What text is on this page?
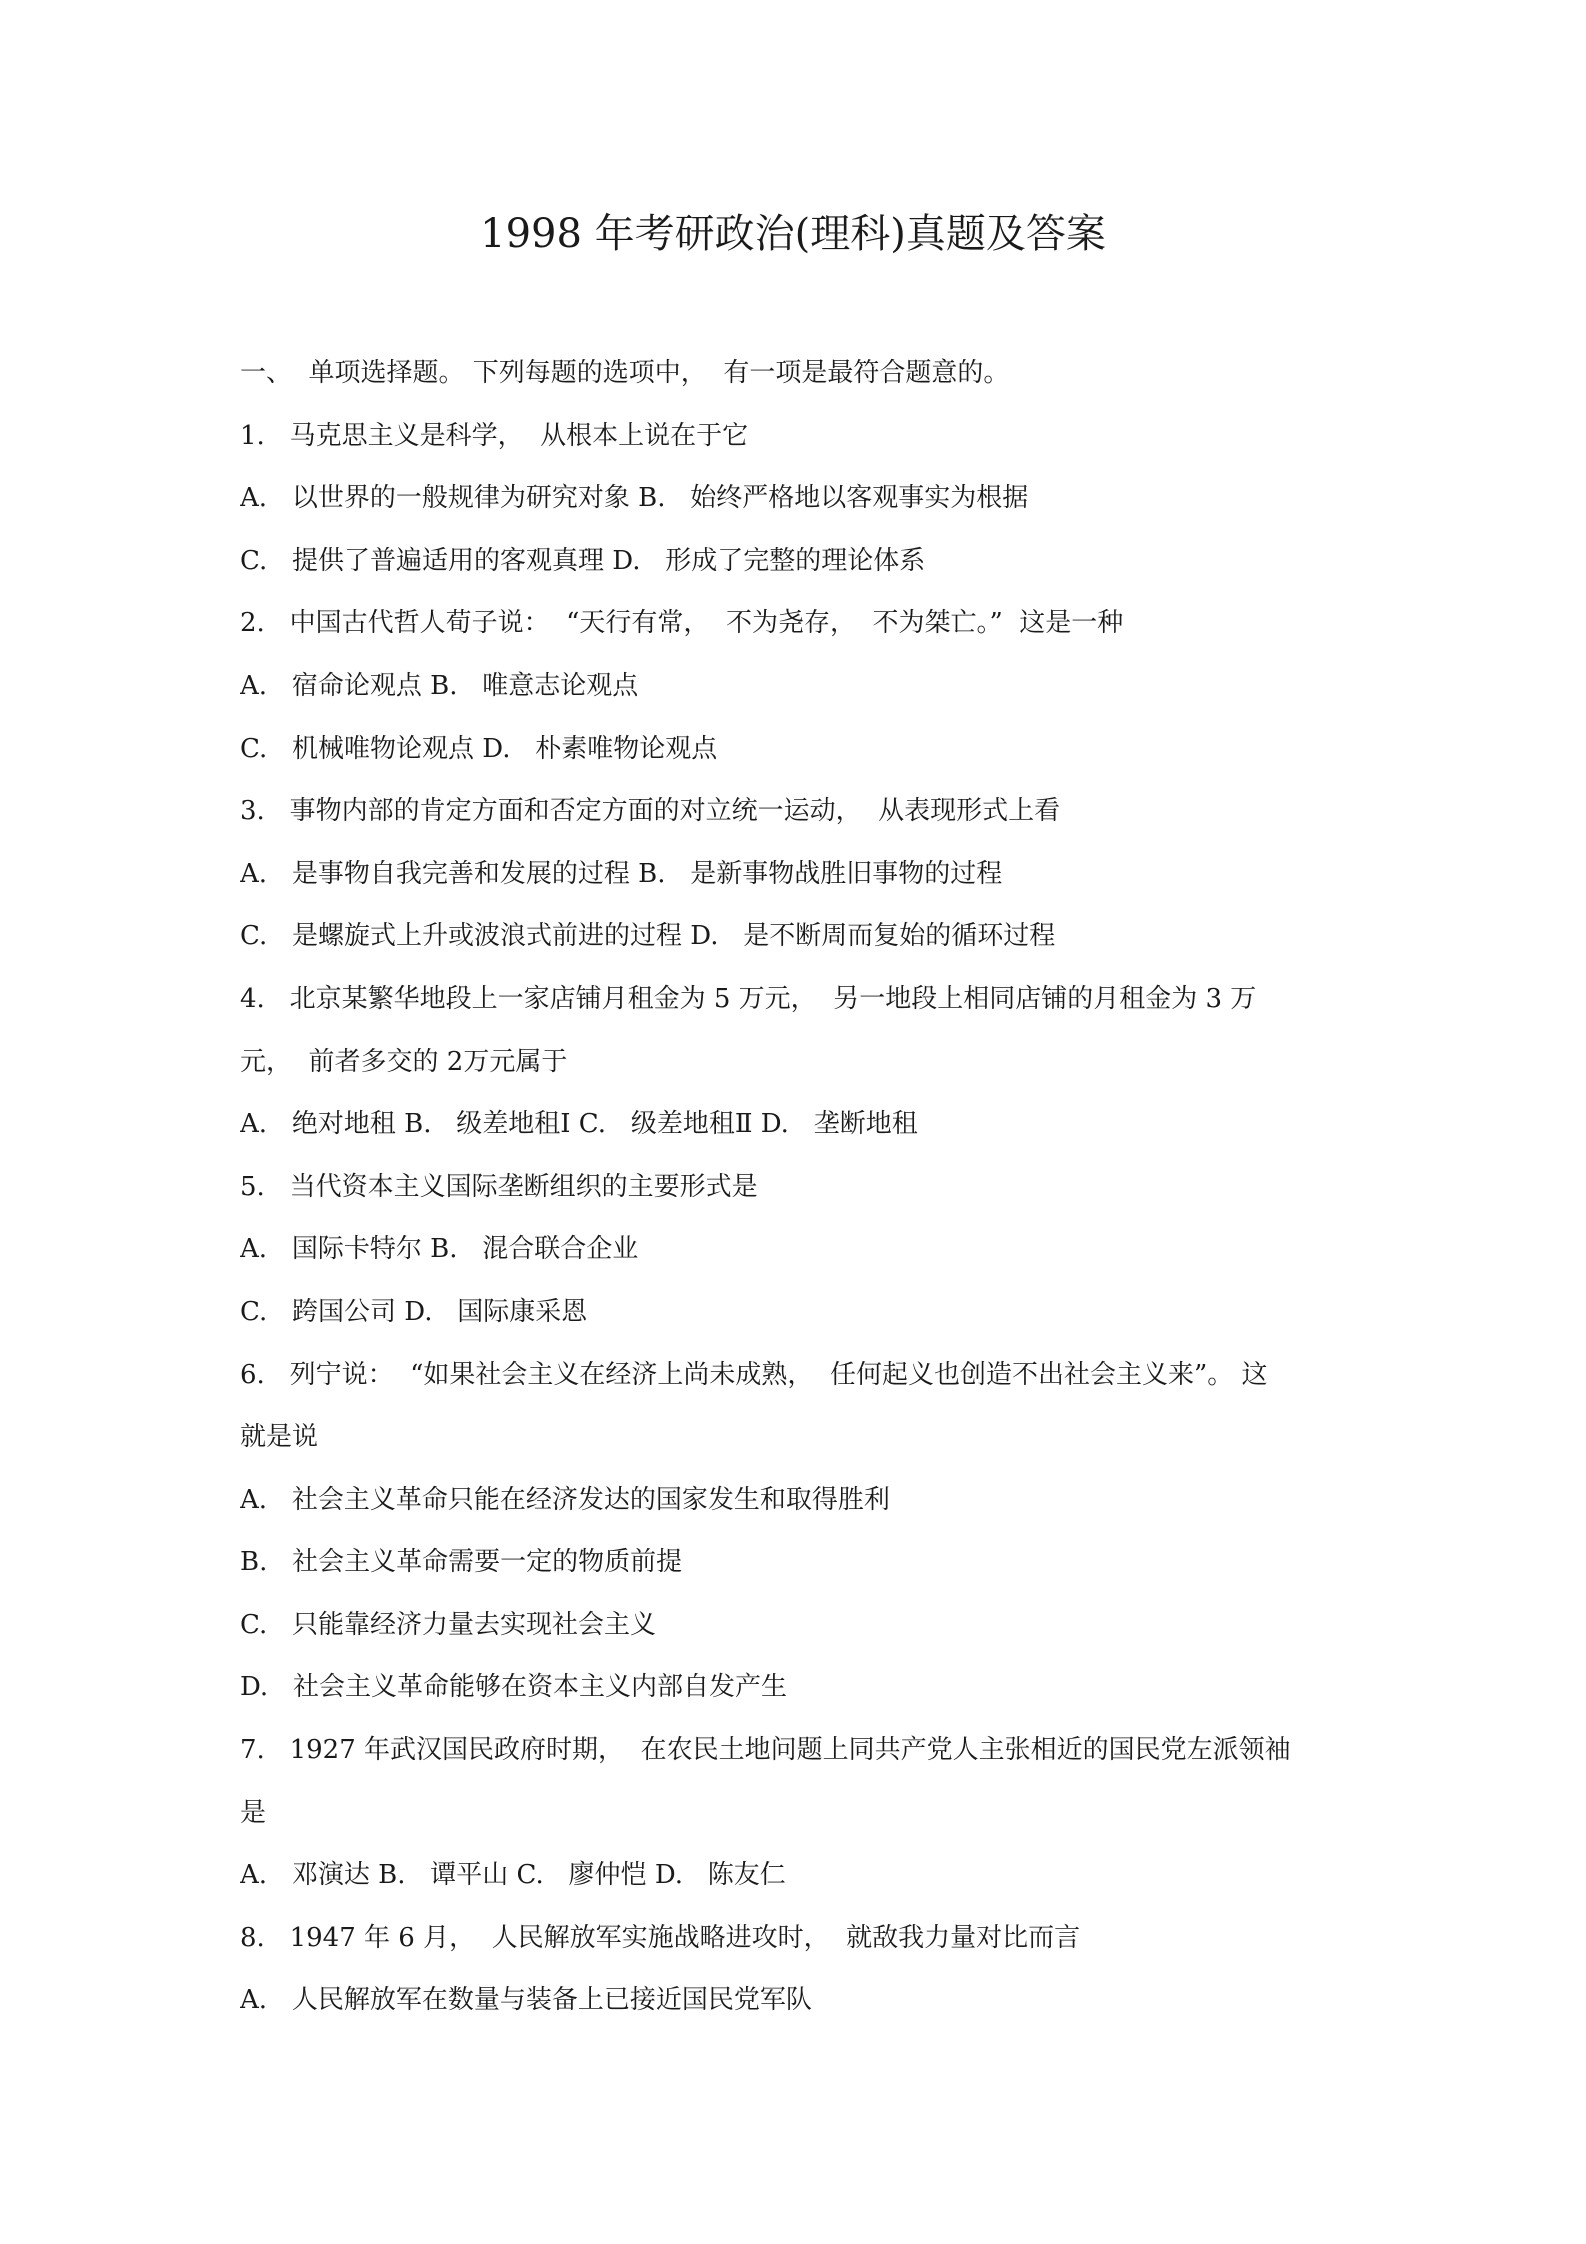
1998 年考研政治(理科)真题及答案
一、  单项选择题。 下列每题的选项中，  有一项是最符合题意的。
1.   马克思主义是科学，  从根本上说在于它
A.   以世界的一般规律为研究对象 B.   始终严格地以客观事实为根据
C.   提供了普遍适用的客观真理 D.   形成了完整的理论体系
2.   中国古代哲人荀子说：  “天行有常，  不为尧存，  不为桀亡。”  这是一种
A.   宿命论观点 B.   唯意志论观点
C.   机械唯物论观点 D.   朴素唯物论观点
3.   事物内部的肯定方面和否定方面的对立统一运动，  从表现形式上看
A.   是事物自我完善和发展的过程 B.   是新事物战胜旧事物的过程
C.   是螺旋式上升或波浪式前进的过程 D.   是不断周而复始的循环过程
4.   北京某繁华地段上一家店铺月租金为 5 万元，  另一地段上相同店铺的月租金为 3 万
元，  前者多交的 2万元属于
A.   绝对地租 B.   级差地租Ⅰ C.   级差地租Ⅱ D.   垄断地租
5.   当代资本主义国际垄断组织的主要形式是
A.   国际卡特尔 B.   混合联合企业
C.   跨国公司 D.   国际康采恩
6.   列宁说：  “如果社会主义在经济上尚未成熟，  任何起义也创造不出社会主义来”。 这
就是说
A.   社会主义革命只能在经济发达的国家发生和取得胜利
B.   社会主义革命需要一定的物质前提
C.   只能靠经济力量去实现社会主义
D.   社会主义革命能够在资本主义内部自发产生
7.   1927 年武汉国民政府时期，  在农民土地问题上同共产党人主张相近的国民党左派领袖
是
A.   邓演达 B.   谭平山 C.   廖仲恺 D.   陈友仁
8.   1947 年 6 月，  人民解放军实施战略进攻时，  就敌我力量对比而言
A.   人民解放军在数量与装备上已接近国民党军队
